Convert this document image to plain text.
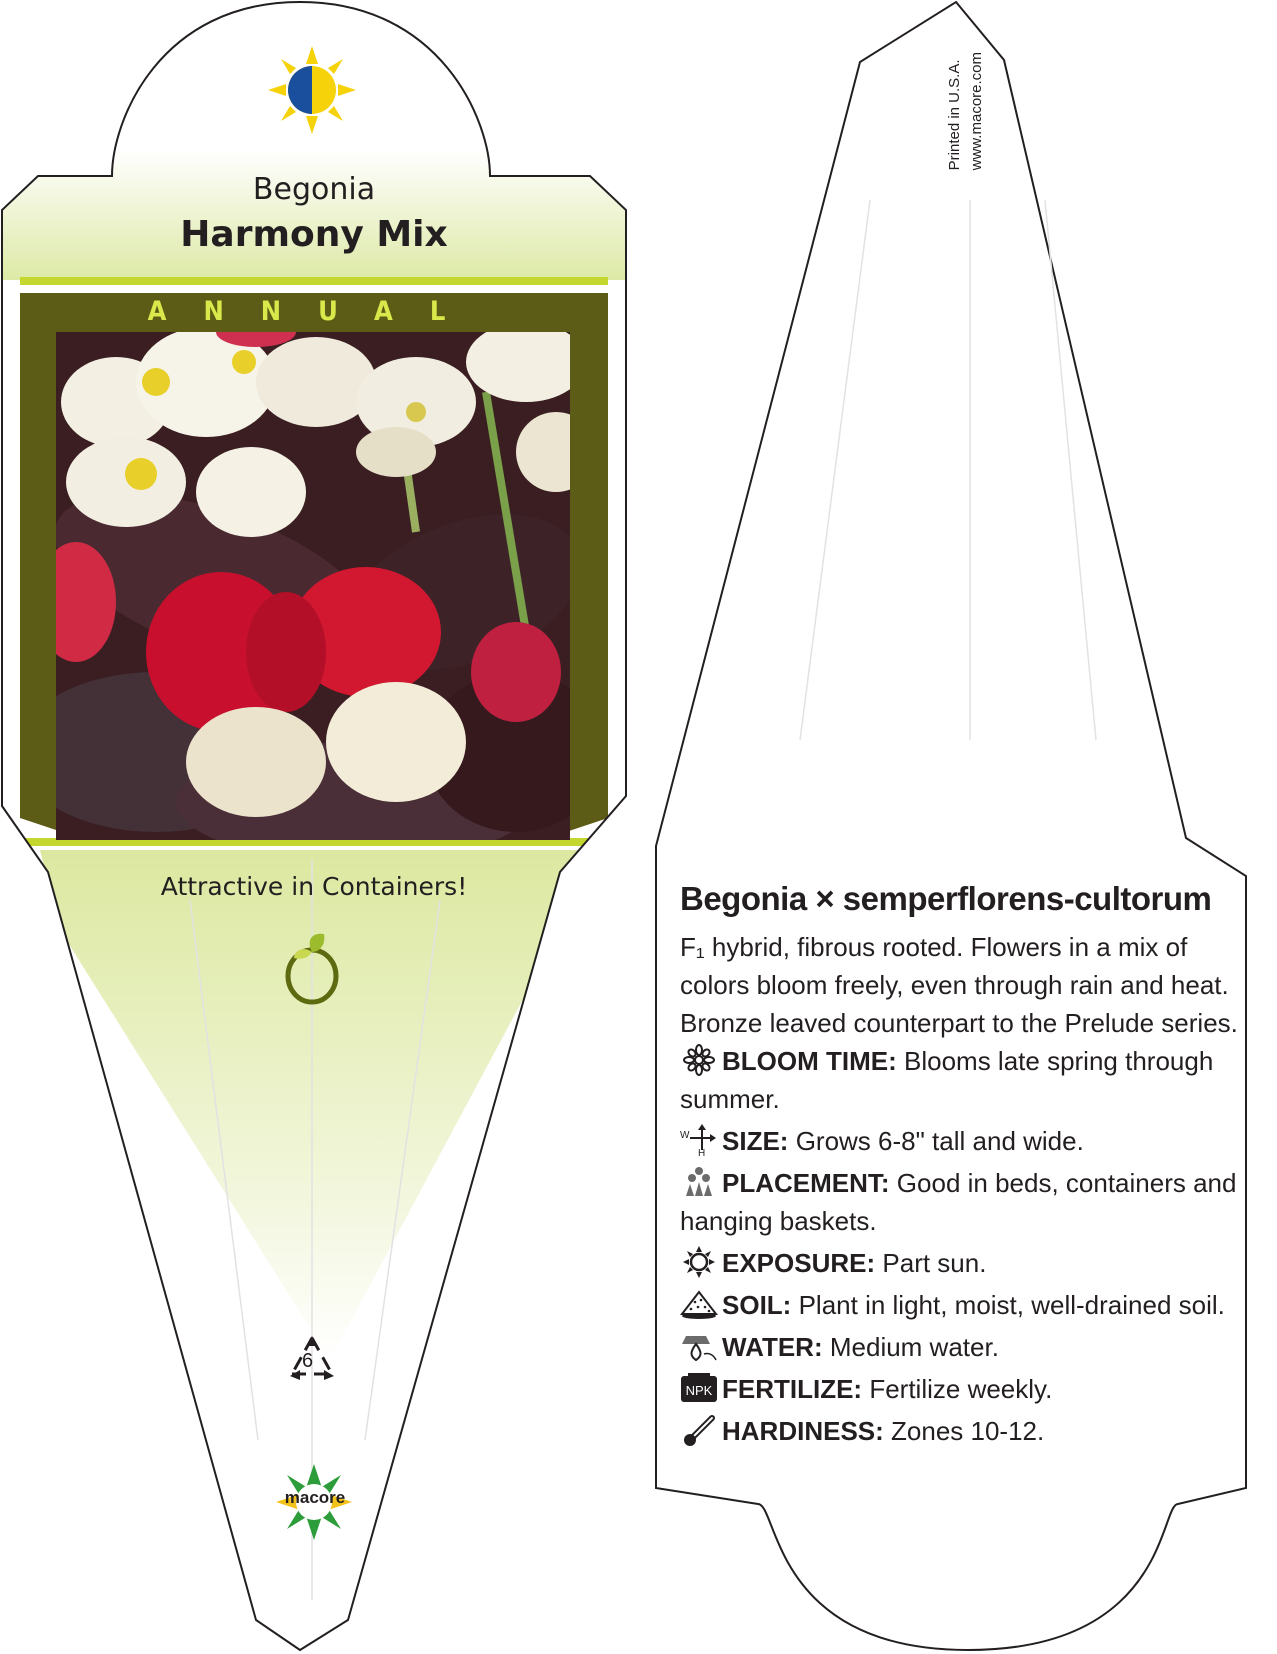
Begonia
Harmony Mix
ANNUAL
Attractive in Containers!
6
macore
Printed in U.S.A. www.macore.com
Begonia × semperflorens-cultorum
F₁ hybrid, fibrous rooted. Flowers in a mix of colors bloom freely, even through rain and heat. Bronze leaved counterpart to the Prelude series.
BLOOM TIME: Blooms late spring through summer.
W
H SIZE: Grows 6-8" tall and wide.
PLACEMENT: Good in beds, containers and hanging baskets.
EXPOSURE: Part sun.
SOIL: Plant in light, moist, well-drained soil.
WATER: Medium water.
NPK FERTILIZE: Fertilize weekly.
HARDINESS: Zones 10-12.
